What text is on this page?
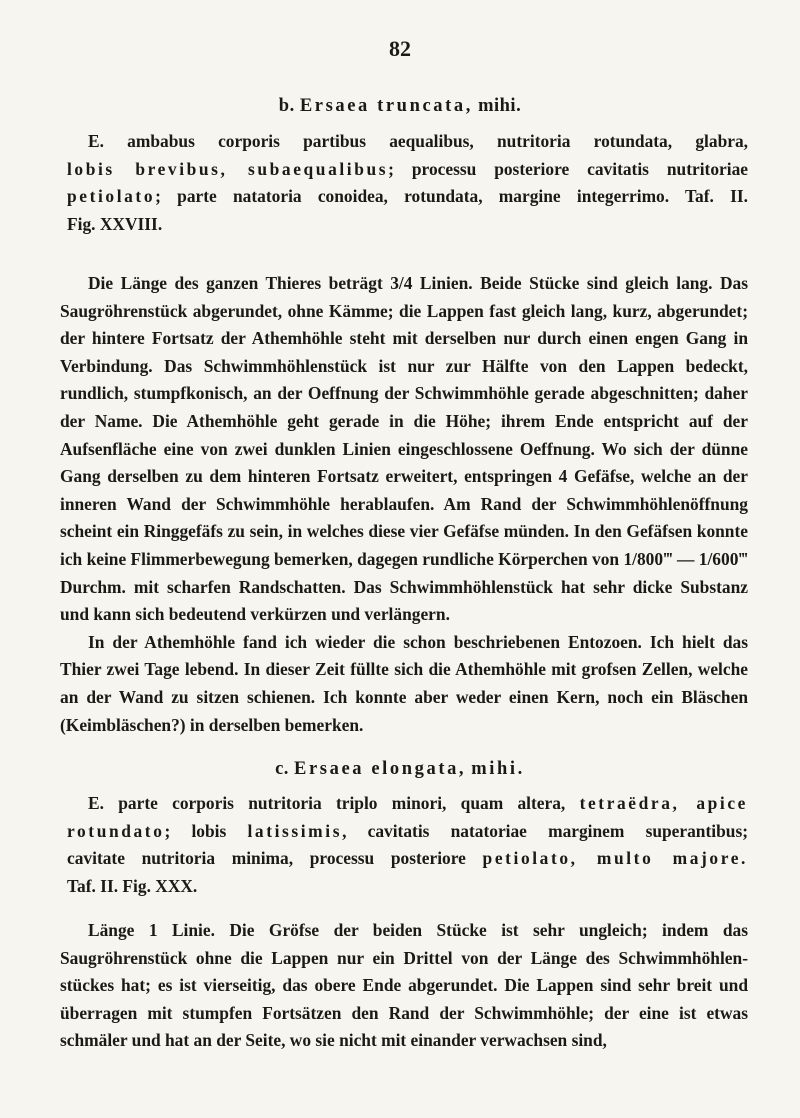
82
b. Ersaea truncata, mihi.
E. ambabus corporis partibus aequalibus, nutritoria rotundata, glabra,
lobis brevibus, subaequalibus; processu posteriore cavitatis nutritoriae
petiolato; parte natatoria conoidea, rotundata, margine integerrimo. Taf. II.
Fig. XXVIII.

Die Länge des ganzen Thieres beträgt 3/4 Linien. Beide Stücke sind gleich lang. Das Saugröhrenstück abgerundet, ohne Kämme; die Lappen fast gleich lang, kurz, abgerundet; der hintere Fortsatz der Athemhöhle steht mit derselben nur durch einen engen Gang in Verbindung. Das Schwimmhöhlenstück ist nur zur Hälfte von den Lappen bedeckt, rundlich, stumpfkonisch, an der Oeffnung der Schwimmhöhle gerade abgeschnitten; daher der Name. Die Athemhöhle geht gerade in die Höhe; ihrem Ende entspricht auf der Aufsenfläche eine von zwei dunklen Linien eingeschlossene Oeffnung. Wo sich der dünne Gang derselben zu dem hinteren Fortsatz erweitert, entspringen 4 Gefäfse, welche an der inneren Wand der Schwimmhöhle herablaufen. Am Rand der Schwimmhöhlenöffnung scheint ein Ringgefäfs zu sein, in welches diese vier Gefäfse münden. In den Gefäfsen konnte ich keine Flimmerbewegung bemerken, dagegen rundliche Körperchen von 1/800‴ — 1/600‴ Durchm. mit scharfen Randschatten. Das Schwimmhöhlenstück hat sehr dicke Substanz und kann sich bedeutend verkürzen und verlängern.

In der Athemhöhle fand ich wieder die schon beschriebenen Entozoen. Ich hielt das Thier zwei Tage lebend. In dieser Zeit füllte sich die Athemhöhle mit grofsen Zellen, welche an der Wand zu sitzen schienen. Ich konnte aber weder einen Kern, noch ein Bläschen (Keimbläschen?) in derselben bemerken.

c. Ersaea elongata, mihi.
E. parte corporis nutritoria triplo minori, quam altera, tetraëdra, apice
rotundato; lobis latissimis, cavitatis natatoriae marginem superantibus;
cavitate nutritoria minima, processu posteriore petiolato, multo majore.
Taf. II. Fig. XXX.

Länge 1 Linie. Die Gröfse der beiden Stücke ist sehr ungleich; indem das Saugröhrenstück ohne die Lappen nur ein Drittel von der Länge des Schwimmhöhlen-stückes hat; es ist vierseitig, das obere Ende abgerundet. Die Lappen sind sehr breit und überragen mit stumpfen Fortsätzen den Rand der Schwimmhöhle; der eine ist etwas schmäler und hat an der Seite, wo sie nicht mit einander verwachsen sind,
